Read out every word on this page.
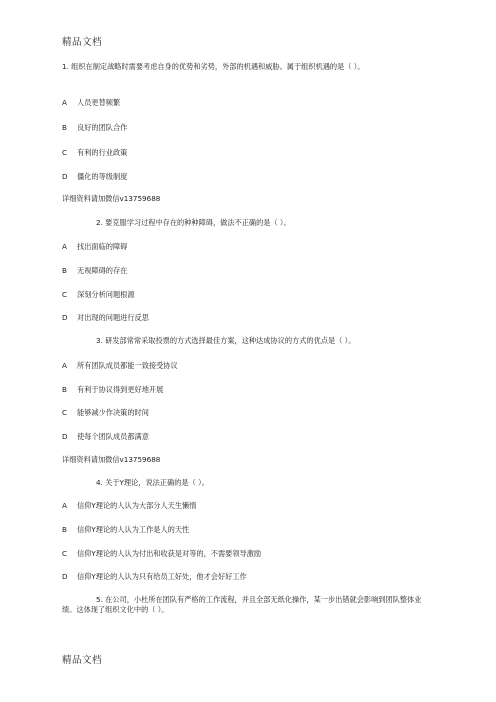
精品文档
1. 组织在制定战略时需要考虑自身的优势和劣势，外部的机遇和威胁。属于组织机遇的是（ ）。
A 人员更替频繁
B 良好的团队合作
C 有利的行业政策
D 僵化的等级制度
详细资料请加微信v13759688
2. 要克服学习过程中存在的种种障碍，做法不正确的是（ ）。
A 找出面临的障碍
B 无视障碍的存在
C 深刻分析问题根源
D 对出现的问题进行反思
3. 研发部常常采取投票的方式选择最佳方案，这种达成协议的方式的优点是（ ）。
A 所有团队成员都能一致接受协议
B 有利于协议得到更好地开展
C 能够减少作决策的时间
D 使每个团队成员都满意
详细资料请加微信v13759688
4. 关于Y理论，说法正确的是（ ）。
A 信仰Y理论的人认为大部分人天生懒惰
B 信仰Y理论的人认为工作是人的天性
C 信仰Y理论的人认为付出和收获是对等的，不需要领导激励
D 信仰Y理论的人认为只有给员工好处，他才会好好工作
5. 在公司，小杜所在团队有严格的工作流程，并且全部无纸化操作，某一步出错就会影响到团队整体业绩。这体现了组织文化中的（ ）。
精品文档
